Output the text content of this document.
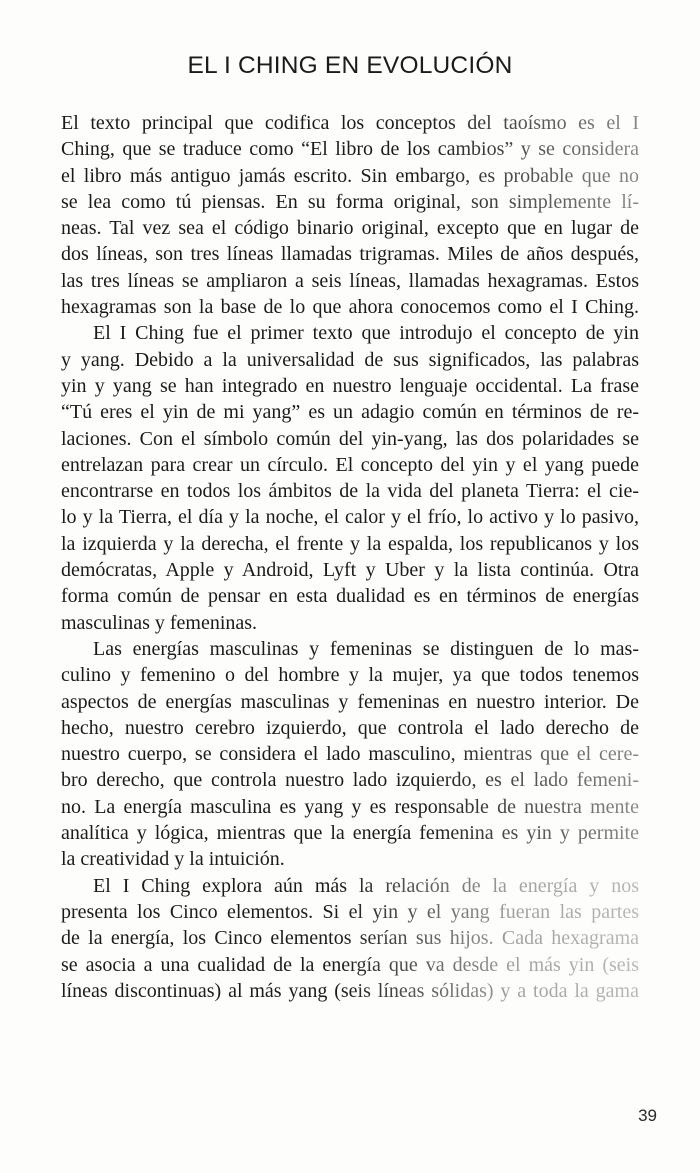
EL I CHING EN EVOLUCIÓN
El texto principal que codifica los conceptos del taoísmo es el I
Ching, que se traduce como “El libro de los cambios” y se considera
el libro más antiguo jamás escrito. Sin embargo, es probable que no
se lea como tú piensas. En su forma original, son simplemente lí-
neas. Tal vez sea el código binario original, excepto que en lugar de
dos líneas, son tres líneas llamadas trigramas. Miles de años después,
las tres líneas se ampliaron a seis líneas, llamadas hexagramas. Estos
hexagramas son la base de lo que ahora conocemos como el I Ching.
El I Ching fue el primer texto que introdujo el concepto de yin
y yang. Debido a la universalidad de sus significados, las palabras
yin y yang se han integrado en nuestro lenguaje occidental. La frase
“Tú eres el yin de mi yang” es un adagio común en términos de re-
laciones. Con el símbolo común del yin-yang, las dos polaridades se
entrelazan para crear un círculo. El concepto del yin y el yang puede
encontrarse en todos los ámbitos de la vida del planeta Tierra: el cie-
lo y la Tierra, el día y la noche, el calor y el frío, lo activo y lo pasivo,
la izquierda y la derecha, el frente y la espalda, los republicanos y los
demócratas, Apple y Android, Lyft y Uber y la lista continúa. Otra
forma común de pensar en esta dualidad es en términos de energías
masculinas y femeninas.
Las energías masculinas y femeninas se distinguen de lo mas-
culino y femenino o del hombre y la mujer, ya que todos tenemos
aspectos de energías masculinas y femeninas en nuestro interior. De
hecho, nuestro cerebro izquierdo, que controla el lado derecho de
nuestro cuerpo, se considera el lado masculino, mientras que el cere-
bro derecho, que controla nuestro lado izquierdo, es el lado femeni-
no. La energía masculina es yang y es responsable de nuestra mente
analítica y lógica, mientras que la energía femenina es yin y permite
la creatividad y la intuición.
El I Ching explora aún más la relación de la energía y nos
presenta los Cinco elementos. Si el yin y el yang fueran las partes
de la energía, los Cinco elementos serían sus hijos. Cada hexagrama
se asocia a una cualidad de la energía que va desde el más yin (seis
líneas discontinuas) al más yang (seis líneas sólidas) y a toda la gama
39
